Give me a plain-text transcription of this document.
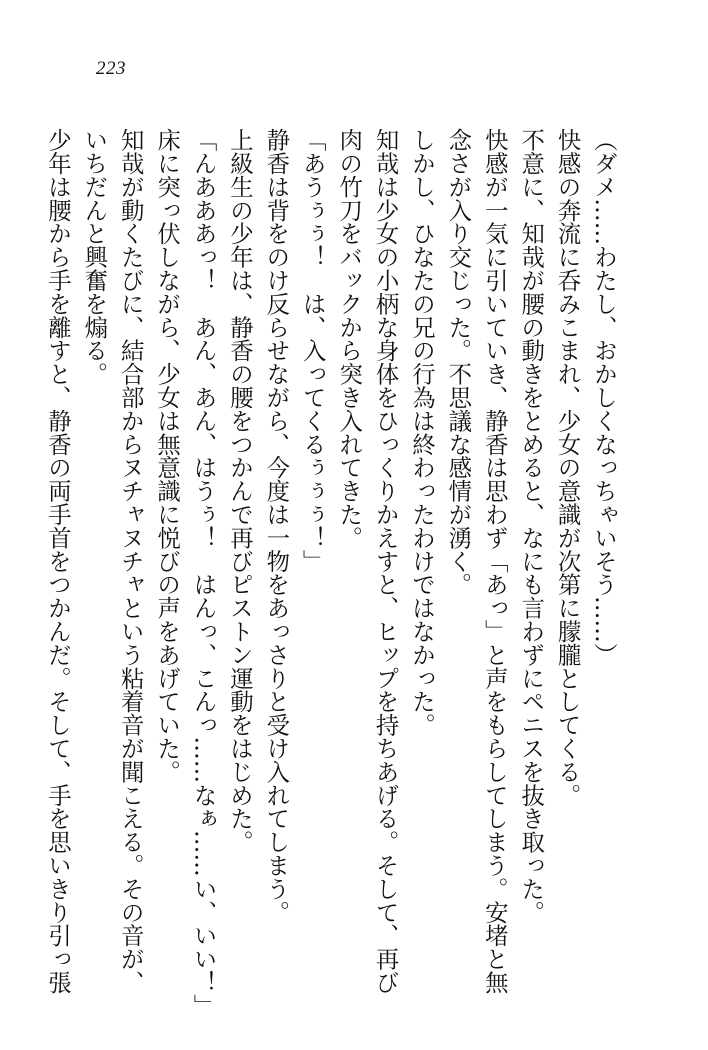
223
（ダメ……わたし、おかしくなっちゃいそう……）
快感の奔流に呑みこまれ、少女の意識が次第に朦朧としてくる。
不意に、知哉が腰の動きをとめると、なにも言わずにペニスを抜き取った。
快感が一気に引いていき、静香は思わず「あっ」と声をもらしてしまう。安堵と無
念さが入り交じった。不思議な感情が湧く。
しかし、ひなたの兄の行為は終わったわけではなかった。
知哉は少女の小柄な身体をひっくりかえすと、ヒップを持ちあげる。そして、再び
肉の竹刀をバックから突き入れてきた。
「あうぅぅ！　は、入ってくるぅぅぅ！」
静香は背をのけ反らせながら、今度は一物をあっさりと受け入れてしまう。
上級生の少年は、静香の腰をつかんで再びピストン運動をはじめた。
「んあああっ！　あん、あん、はうぅ！　はんっ、こんっ……なぁ……い、いい！」
床に突っ伏しながら、少女は無意識に悦びの声をあげていた。
知哉が動くたびに、結合部からヌチャヌチャという粘着音が聞こえる。その音が、
いちだんと興奮を煽る。
少年は腰から手を離すと、静香の両手首をつかんだ。そして、手を思いきり引っ張
